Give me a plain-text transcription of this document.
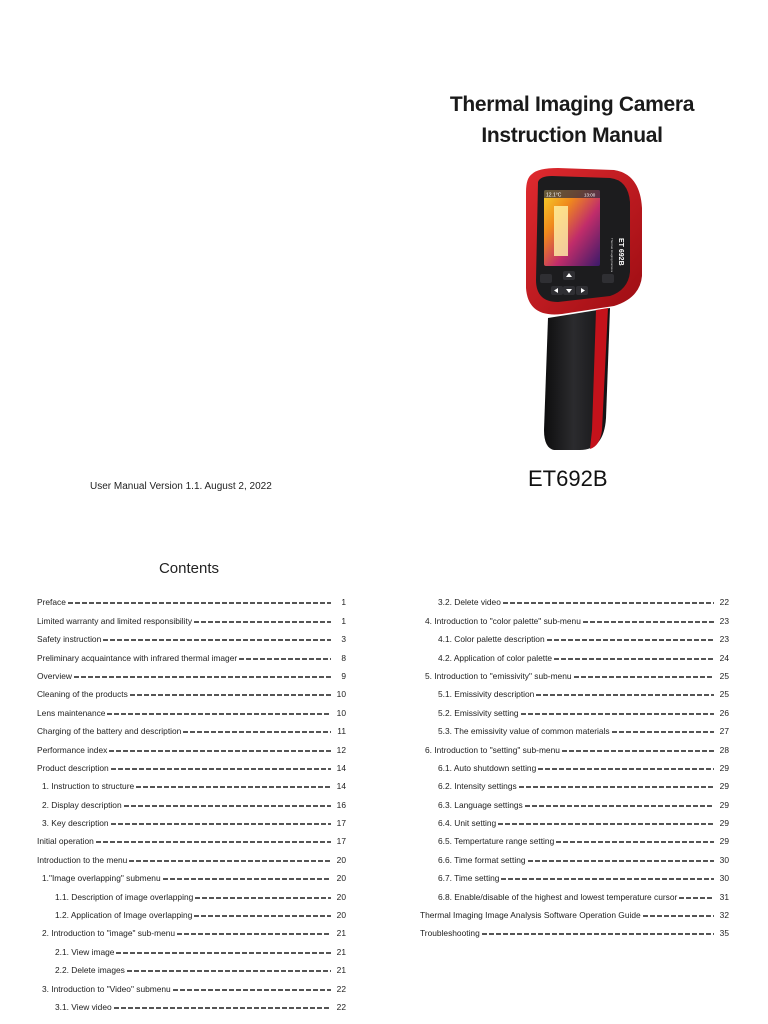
Thermal Imaging Camera
Instruction Manual
12.1°C	13:00
ET 692B
Thermal Imaging Camera
ET692B
User Manual Version 1.1. August 2, 2022
Contents
Preface	1
Limited warranty and limited responsibility	1
Safety instruction	3
Preliminary acquaintance with infrared thermal imager	8
Overview	9
Cleaning of the products	10
Lens maintenance	10
Charging of the battery and description	11
Performance index	12
Product description	14
1. Instruction to structure	14
2. Display description	16
3. Key description	17
Initial operation	17
Introduction to the menu	20
1."Image overlapping" submenu	20
1.1. Description of image overlapping	20
1.2. Application of Image overlapping	20
2. Introduction to "image" sub-menu	21
2.1. View image	21
2.2. Delete images	21
3. Introduction to "Video" submenu	22
3.1. View video	22
3.2. Delete video	22
4. Introduction to "color palette" sub-menu	23
4.1. Color palette description	23
4.2. Application of color palette	24
5. Introduction to "emissivity" sub-menu	25
5.1. Emissivity description	25
5.2. Emissivity setting	26
5.3. The emissivity value of common materials	27
6. Introduction to "setting" sub-menu	28
6.1. Auto shutdown setting	29
6.2. Intensity settings	29
6.3. Language settings	29
6.4. Unit setting	29
6.5. Tempertature range setting	29
6.6. Time format setting	30
6.7. Time setting	30
6.8. Enable/disable of the highest and lowest temperature cursor	31
Thermal Imaging Image Analysis Software Operation Guide	32
Troubleshooting	35
